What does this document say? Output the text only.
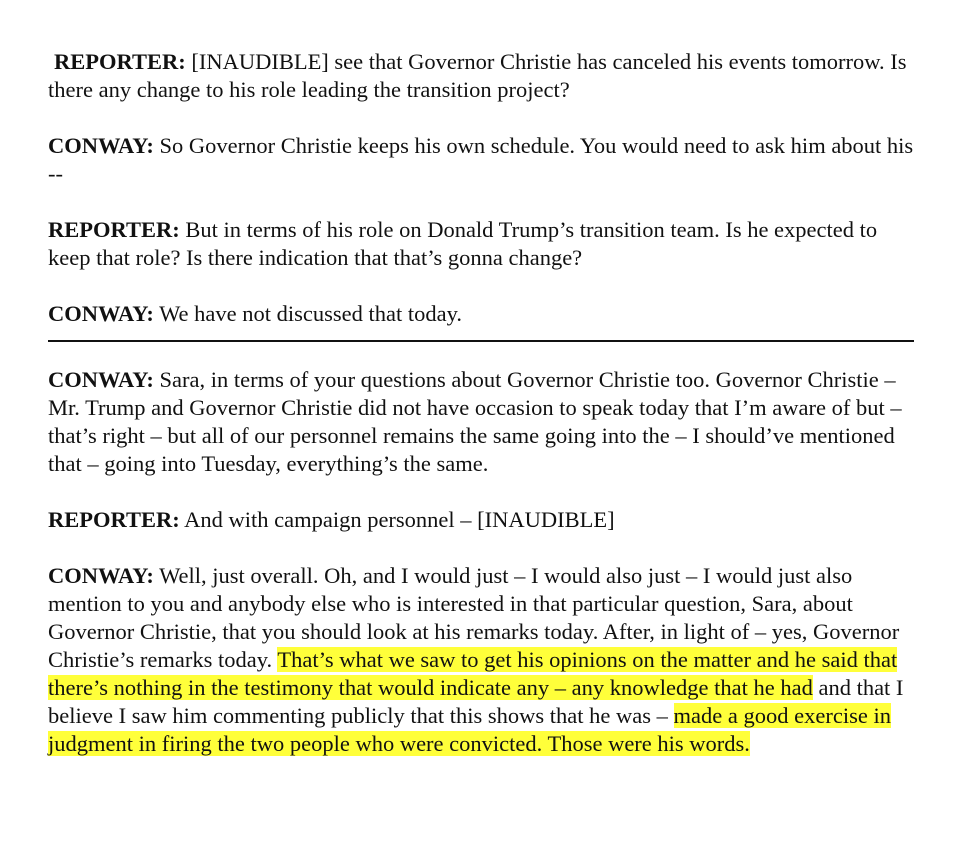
REPORTER: [INAUDIBLE] see that Governor Christie has canceled his events tomorrow. Is there any change to his role leading the transition project?

CONWAY: So Governor Christie keeps his own schedule. You would need to ask him about his --

REPORTER: But in terms of his role on Donald Trump’s transition team. Is he expected to keep that role? Is there indication that that’s gonna change?

CONWAY: We have not discussed that today.

CONWAY: Sara, in terms of your questions about Governor Christie too. Governor Christie – Mr. Trump and Governor Christie did not have occasion to speak today that I’m aware of but – that’s right – but all of our personnel remains the same going into the – I should’ve mentioned that – going into Tuesday, everything’s the same.

REPORTER: And with campaign personnel – [INAUDIBLE]

CONWAY: Well, just overall. Oh, and I would just – I would also just – I would just also mention to you and anybody else who is interested in that particular question, Sara, about Governor Christie, that you should look at his remarks today. After, in light of – yes, Governor Christie’s remarks today. That’s what we saw to get his opinions on the matter and he said that there’s nothing in the testimony that would indicate any – any knowledge that he had and that I believe I saw him commenting publicly that this shows that he was – made a good exercise in judgment in firing the two people who were convicted. Those were his words.
